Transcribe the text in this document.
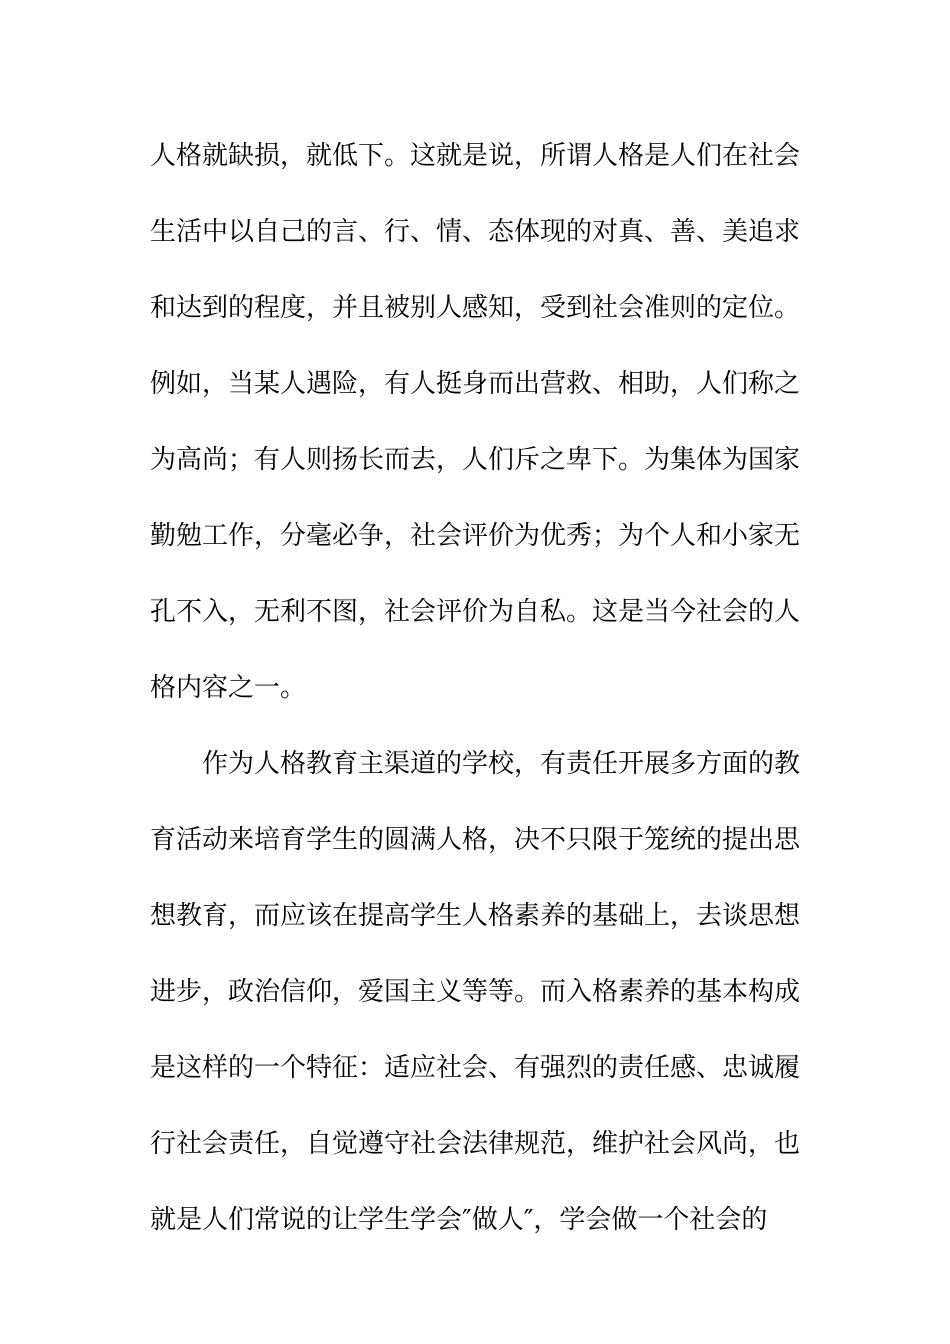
人格就缺损，就低下。这就是说，所谓人格是人们在社会
生活中以自己的言、行、情、态体现的对真、善、美追求
和达到的程度，并且被别人感知，受到社会准则的定位。
例如，当某人遇险，有人挺身而出营救、相助，人们称之
为高尚；有人则扬长而去，人们斥之卑下。为集体为国家
勤勉工作，分毫必争，社会评价为优秀；为个人和小家无
孔不入，无利不图，社会评价为自私。这是当今社会的人
格内容之一。
作为人格教育主渠道的学校，有责任开展多方面的教
育活动来培育学生的圆满人格，决不只限于笼统的提出思
想教育，而应该在提高学生人格素养的基础上，去谈思想
进步，政治信仰，爱国主义等等。而入格素养的基本构成
是这样的一个特征：适应社会、有强烈的责任感、忠诚履
行社会责任，自觉遵守社会法律规范，维护社会风尚，也
就是人们常说的让学生学会″做人″，学会做一个社会的
